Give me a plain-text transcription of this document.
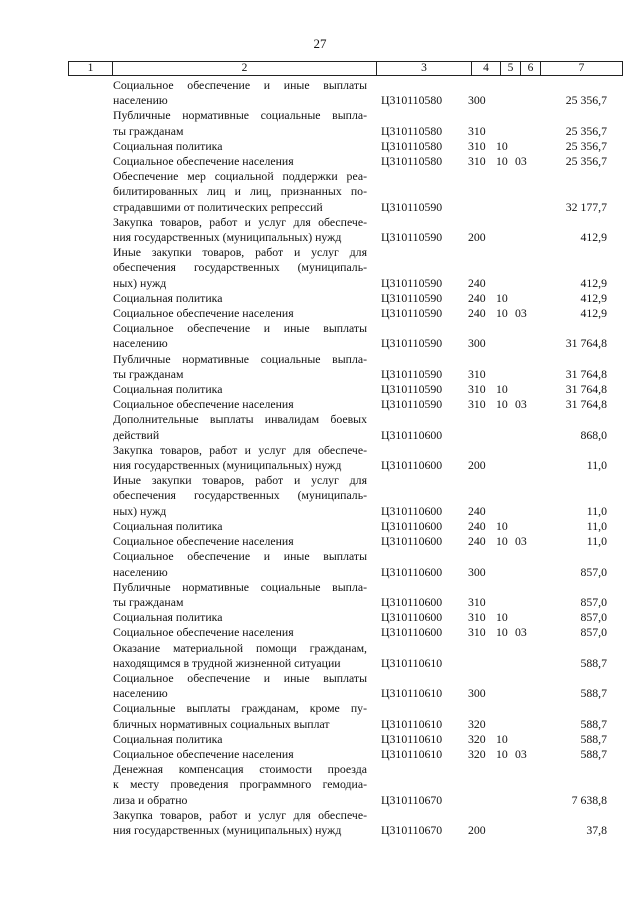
27
1	2	3	4	5	6	7
Социальное обеспечение и иные выплаты
населению	Ц310110580 300	25 356,7
Публичные нормативные социальные выпла-
ты гражданам	Ц310110580 310	25 356,7
Социальная политика	Ц310110580 310 10	25 356,7
Социальное обеспечение населения	Ц310110580 310 10 03	25 356,7
Обеспечение мер социальной поддержки реа-
билитированных лиц и лиц, признанных по-
страдавшими от политических репрессий	Ц310110590	32 177,7
Закупка товаров, работ и услуг для обеспече-
ния государственных (муниципальных) нужд	Ц310110590 200	412,9
Иные закупки товаров, работ и услуг для
обеспечения государственных (муниципаль-
ных) нужд	Ц310110590 240	412,9
Социальная политика	Ц310110590 240 10	412,9
Социальное обеспечение населения	Ц310110590 240 10 03	412,9
Социальное обеспечение и иные выплаты
населению	Ц310110590 300	31 764,8
Публичные нормативные социальные выпла-
ты гражданам	Ц310110590 310	31 764,8
Социальная политика	Ц310110590 310 10	31 764,8
Социальное обеспечение населения	Ц310110590 310 10 03	31 764,8
Дополнительные выплаты инвалидам боевых
действий	Ц310110600	868,0
Закупка товаров, работ и услуг для обеспече-
ния государственных (муниципальных) нужд	Ц310110600 200	11,0
Иные закупки товаров, работ и услуг для
обеспечения государственных (муниципаль-
ных) нужд	Ц310110600 240	11,0
Социальная политика	Ц310110600 240 10	11,0
Социальное обеспечение населения	Ц310110600 240 10 03	11,0
Социальное обеспечение и иные выплаты
населению	Ц310110600 300	857,0
Публичные нормативные социальные выпла-
ты гражданам	Ц310110600 310	857,0
Социальная политика	Ц310110600 310 10	857,0
Социальное обеспечение населения	Ц310110600 310 10 03	857,0
Оказание материальной помощи гражданам,
находящимся в трудной жизненной ситуации	Ц310110610	588,7
Социальное обеспечение и иные выплаты
населению	Ц310110610 300	588,7
Социальные выплаты гражданам, кроме пу-
бличных нормативных социальных выплат	Ц310110610 320	588,7
Социальная политика	Ц310110610 320 10	588,7
Социальное обеспечение населения	Ц310110610 320 10 03	588,7
Денежная компенсация стоимости проезда
к месту проведения программного гемодиа-
лиза и обратно	Ц310110670	7 638,8
Закупка товаров, работ и услуг для обеспече-
ния государственных (муниципальных) нужд	Ц310110670 200	37,8
